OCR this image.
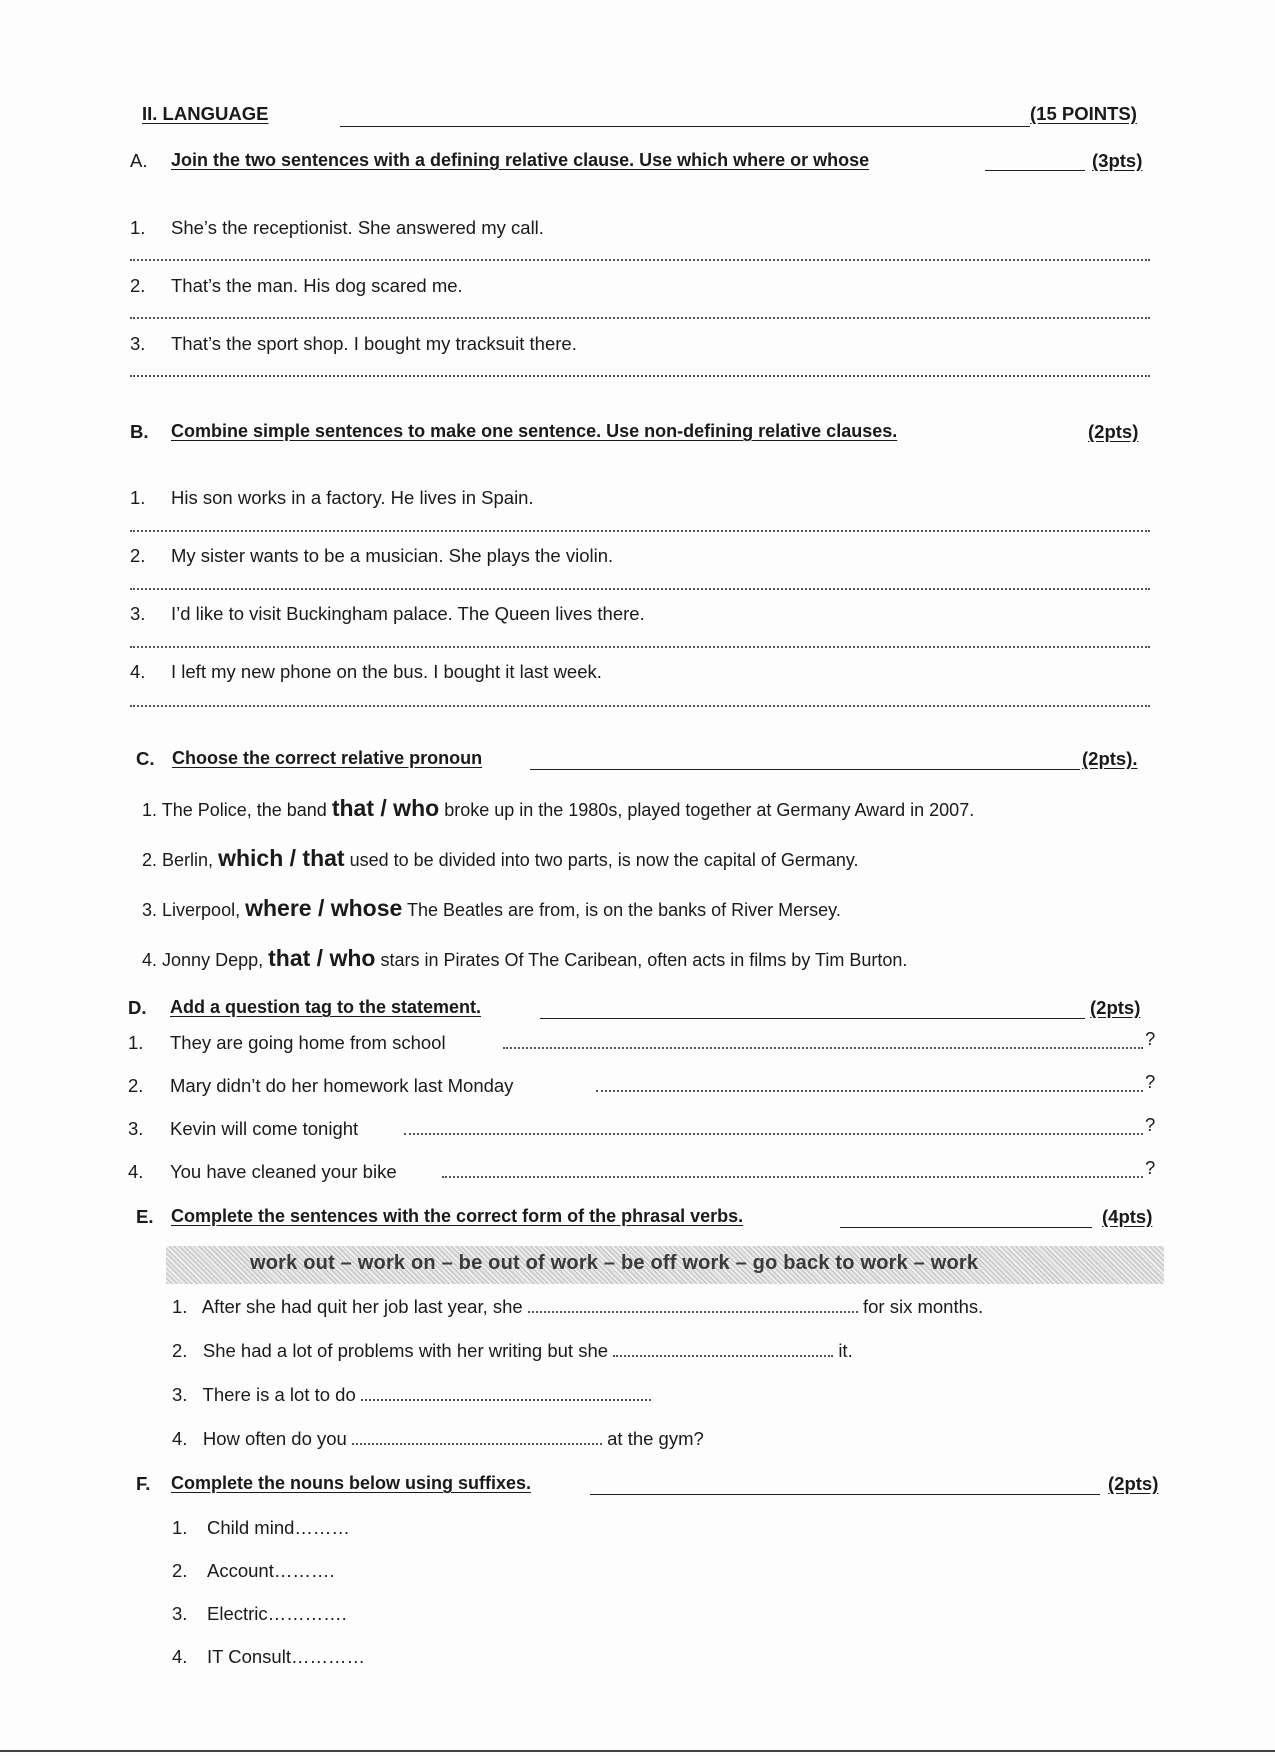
II. LANGUAGE	(15 POINTS)
A. Join the two sentences with a defining relative clause. Use which where or whose	(3pts)
1. She’s the receptionist. She answered my call.
2. That’s the man. His dog scared me.
3. That’s the sport shop. I bought my tracksuit there.
B. Combine simple sentences to make one sentence. Use non-defining relative clauses.	(2pts)
1. His son works in a factory. He lives in Spain.
2. My sister wants to be a musician. She plays the violin.
3. I’d like to visit Buckingham palace. The Queen lives there.
4. I left my new phone on the bus. I bought it last week.
C. Choose the correct relative pronoun	(2pts).
1. The Police, the band that / who broke up in the 1980s, played together at Germany Award in 2007.
2. Berlin, which / that used to be divided into two parts, is now the capital of Germany.
3. Liverpool, where / whose The Beatles are from, is on the banks of River Mersey.
4. Jonny Depp, that / who stars in Pirates Of The Caribean, often acts in films by Tim Burton.
D. Add a question tag to the statement.	(2pts)
1. They are going home from school	?
2. Mary didn’t do her homework last Monday	?
3. Kevin will come tonight	?
4. You have cleaned your bike	?
E. Complete the sentences with the correct form of the phrasal verbs.	(4pts)
work out – work on – be out of work – be off work – go back to work – work
1. After she had quit her job last year, she	for six months.
2. She had a lot of problems with her writing but she	it.
3. There is a lot to do
4. How often do you	at the gym?
F. Complete the nouns below using suffixes.	(2pts)
1. Child mind………
2. Account……….
3. Electric………….
4. IT Consult…………
